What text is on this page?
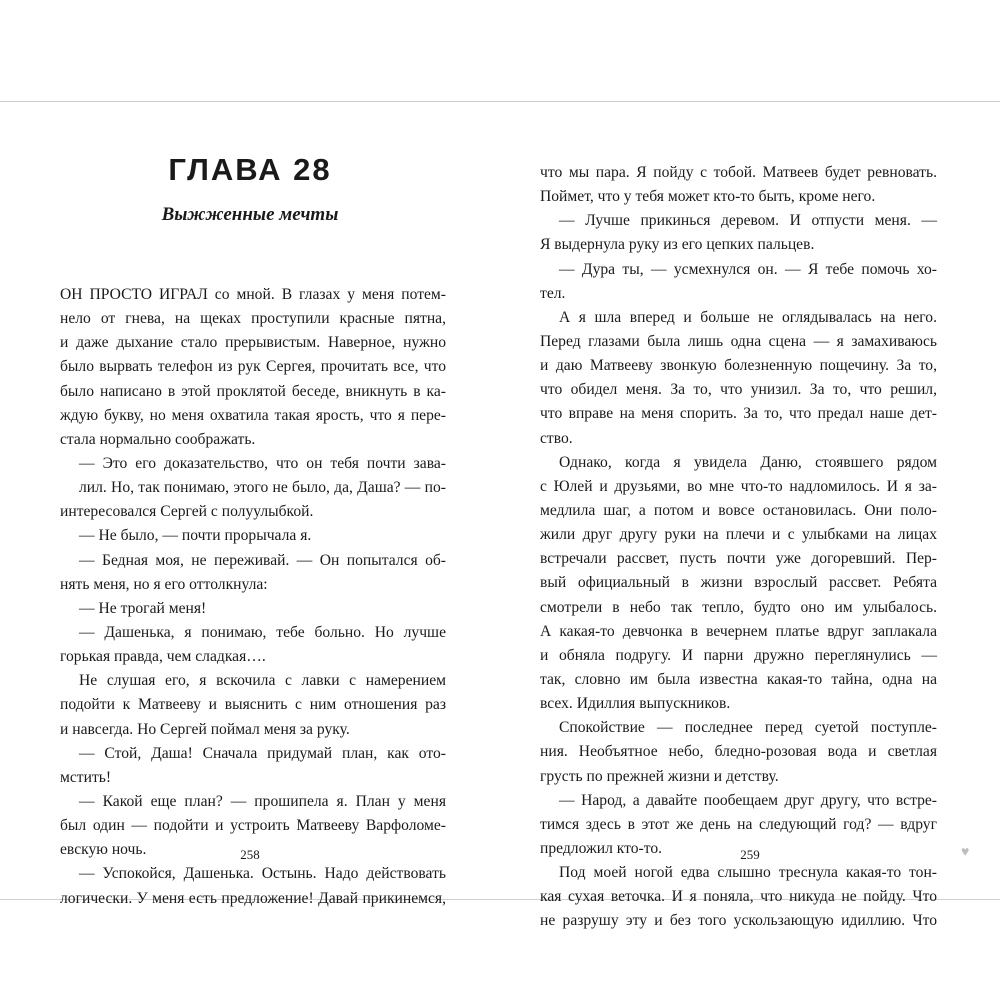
ГЛАВА 28
Выжженные мечты
ОН ПРОСТО ИГРАЛ со мной. В глазах у меня потем-
нело от гнева, на щеках проступили красные пятна,
и даже дыхание стало прерывистым. Наверное, нужно
было вырвать телефон из рук Сергея, прочитать все, что
было написано в этой проклятой беседе, вникнуть в ка-
ждую букву, но меня охватила такая ярость, что я пере-
стала нормально соображать.
— Это его доказательство, что он тебя почти зава-
лил. Но, так понимаю, этого не было, да, Даша? — по-
интересовался Сергей с полуулыбкой.
— Не было, — почти прорычала я.
— Бедная моя, не переживай. — Он попытался об-
нять меня, но я его оттолкнула:
— Не трогай меня!
— Дашенька, я понимаю, тебе больно. Но лучше
горькая правда, чем сладкая….
Не слушая его, я вскочила с лавки с намерением
подойти к Матвееву и выяснить с ним отношения раз
и навсегда. Но Сергей поймал меня за руку.
— Стой, Даша! Сначала придумай план, как ото-
мстить!
— Какой еще план? — прошипела я. План у меня
был один — подойти и устроить Матвееву Варфоломе-
евскую ночь.
— Успокойся, Дашенька. Остынь. Надо действовать
логически. У меня есть предложение! Давай прикинемся,
258
что мы пара. Я пойду с тобой. Матвеев будет ревновать.
Поймет, что у тебя может кто-то быть, кроме него.
— Лучше прикинься деревом. И отпусти меня. —
Я выдернула руку из его цепких пальцев.
— Дура ты, — усмехнулся он. — Я тебе помочь хо-
тел.
А я шла вперед и больше не оглядывалась на него.
Перед глазами была лишь одна сцена — я замахиваюсь
и даю Матвееву звонкую болезненную пощечину. За то,
что обидел меня. За то, что унизил. За то, что решил,
что вправе на меня спорить. За то, что предал наше дет-
ство.
Однако, когда я увидела Даню, стоявшего рядом
с Юлей и друзьями, во мне что-то надломилось. И я за-
медлила шаг, а потом и вовсе остановилась. Они поло-
жили друг другу руки на плечи и с улыбками на лицах
встречали рассвет, пусть почти уже догоревший. Пер-
вый официальный в жизни взрослый рассвет. Ребята
смотрели в небо так тепло, будто оно им улыбалось.
А какая-то девчонка в вечернем платье вдруг заплакала
и обняла подругу. И парни дружно переглянулись —
так, словно им была известна какая-то тайна, одна на
всех. Идиллия выпускников.
Спокойствие — последнее перед суетой поступле-
ния. Необъятное небо, бледно-розовая вода и светлая
грусть по прежней жизни и детству.
— Народ, а давайте пообещаем друг другу, что встре-
тимся здесь в этот же день на следующий год? — вдруг
предложил кто-то.
Под моей ногой едва слышно треснула какая-то тон-
кая сухая веточка. И я поняла, что никуда не пойду. Что
не разрушу эту и без того ускользающую идиллию. Что
259	♥
